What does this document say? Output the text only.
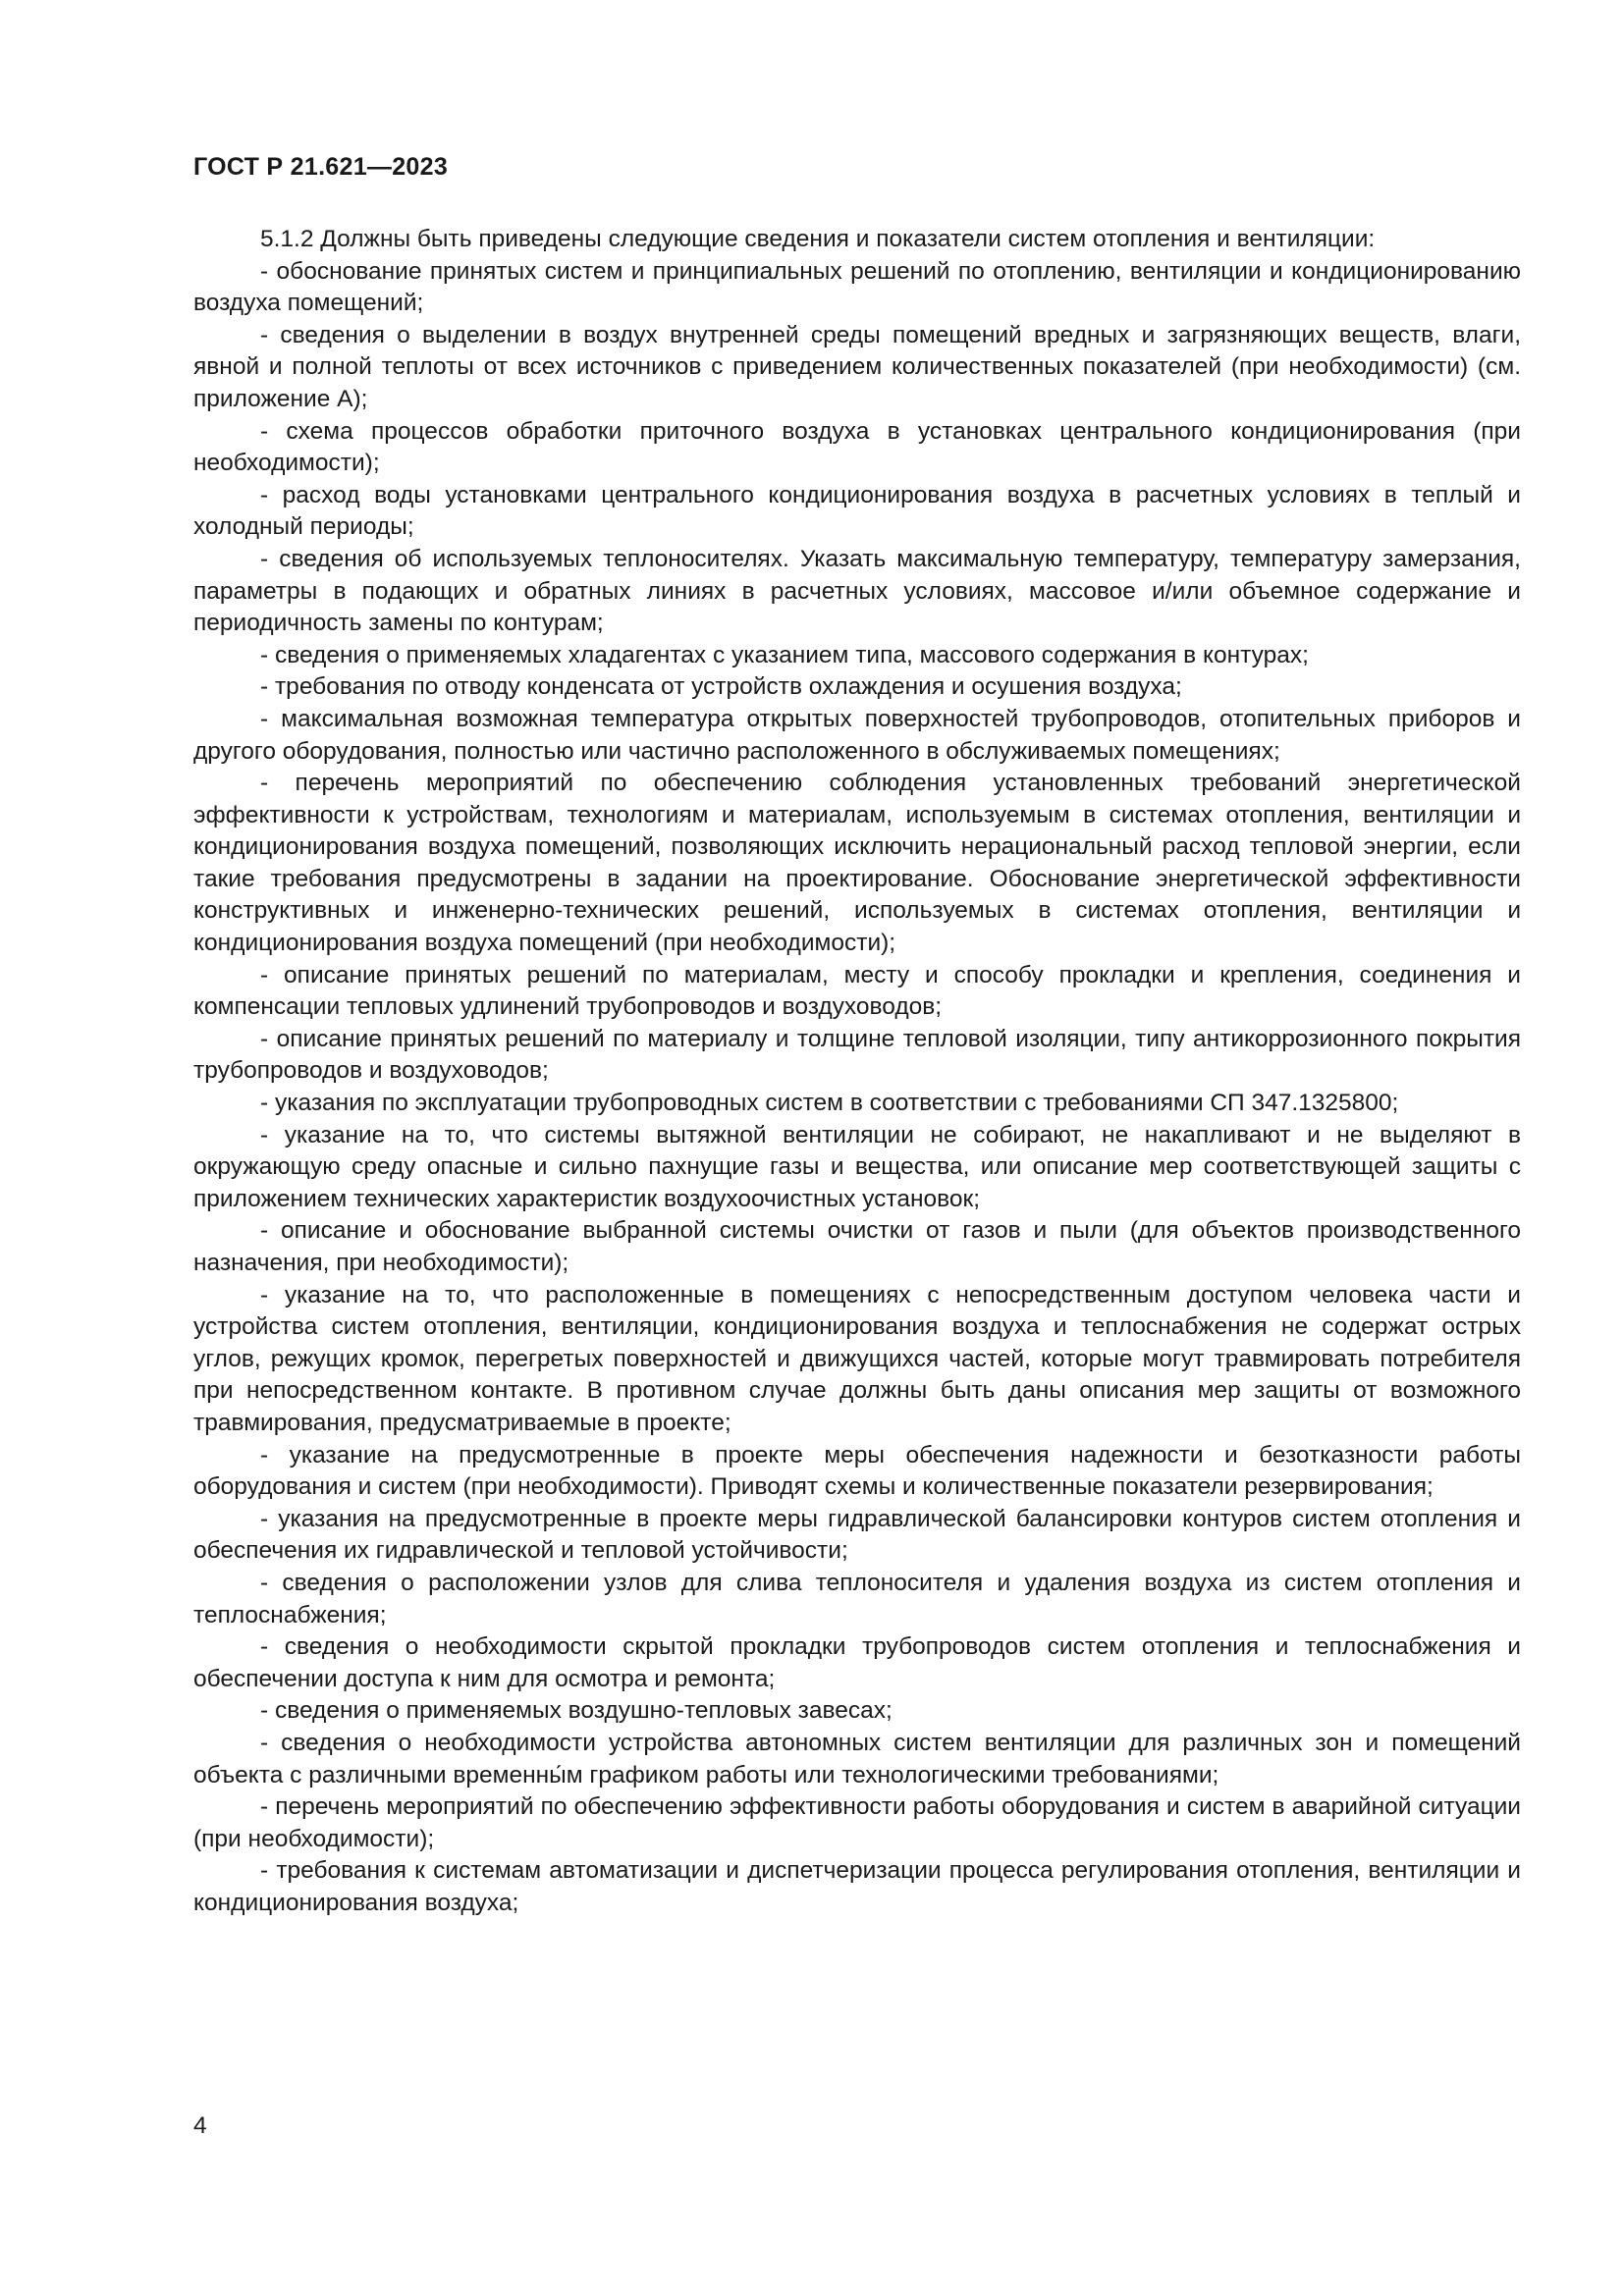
ГОСТ Р 21.621—2023

5.1.2 Должны быть приведены следующие сведения и показатели систем отопления и вентиляции:

- обоснование принятых систем и принципиальных решений по отоплению, вентиляции и кондиционированию воздуха помещений;

- сведения о выделении в воздух внутренней среды помещений вредных и загрязняющих веществ, влаги, явной и полной теплоты от всех источников с приведением количественных показателей (при необходимости) (см. приложение А);

- схема процессов обработки приточного воздуха в установках центрального кондиционирования (при необходимости);

- расход воды установками центрального кондиционирования воздуха в расчетных условиях в теплый и холодный периоды;

- сведения об используемых теплоносителях. Указать максимальную температуру, температуру замерзания, параметры в подающих и обратных линиях в расчетных условиях, массовое и/или объемное содержание и периодичность замены по контурам;

- сведения о применяемых хладагентах с указанием типа, массового содержания в контурах;

- требования по отводу конденсата от устройств охлаждения и осушения воздуха;

- максимальная возможная температура открытых поверхностей трубопроводов, отопительных приборов и другого оборудования, полностью или частично расположенного в обслуживаемых помещениях;

- перечень мероприятий по обеспечению соблюдения установленных требований энергетической эффективности к устройствам, технологиям и материалам, используемым в системах отопления, вентиляции и кондиционирования воздуха помещений, позволяющих исключить нерациональный расход тепловой энергии, если такие требования предусмотрены в задании на проектирование. Обоснование энергетической эффективности конструктивных и инженерно-технических решений, используемых в системах отопления, вентиляции и кондиционирования воздуха помещений (при необходимости);

- описание принятых решений по материалам, месту и способу прокладки и крепления, соединения и компенсации тепловых удлинений трубопроводов и воздуховодов;

- описание принятых решений по материалу и толщине тепловой изоляции, типу антикоррозионного покрытия трубопроводов и воздуховодов;

- указания по эксплуатации трубопроводных систем в соответствии с требованиями СП 347.1325800;

- указание на то, что системы вытяжной вентиляции не собирают, не накапливают и не выделяют в окружающую среду опасные и сильно пахнущие газы и вещества, или описание мер соответствующей защиты с приложением технических характеристик воздухоочистных установок;

- описание и обоснование выбранной системы очистки от газов и пыли (для объектов производственного назначения, при необходимости);

- указание на то, что расположенные в помещениях с непосредственным доступом человека части и устройства систем отопления, вентиляции, кондиционирования воздуха и теплоснабжения не содержат острых углов, режущих кромок, перегретых поверхностей и движущихся частей, которые могут травмировать потребителя при непосредственном контакте. В противном случае должны быть даны описания мер защиты от возможного травмирования, предусматриваемые в проекте;

- указание на предусмотренные в проекте меры обеспечения надежности и безотказности работы оборудования и систем (при необходимости). Приводят схемы и количественные показатели резервирования;

- указания на предусмотренные в проекте меры гидравлической балансировки контуров систем отопления и обеспечения их гидравлической и тепловой устойчивости;

- сведения о расположении узлов для слива теплоносителя и удаления воздуха из систем отопления и теплоснабжения;

- сведения о необходимости скрытой прокладки трубопроводов систем отопления и теплоснабжения и обеспечении доступа к ним для осмотра и ремонта;

- сведения о применяемых воздушно-тепловых завесах;

- сведения о необходимости устройства автономных систем вентиляции для различных зон и помещений объекта с различными временны́м графиком работы или технологическими требованиями;

- перечень мероприятий по обеспечению эффективности работы оборудования и систем в аварийной ситуации (при необходимости);

- требования к системам автоматизации и диспетчеризации процесса регулирования отопления, вентиляции и кондиционирования воздуха;

4
